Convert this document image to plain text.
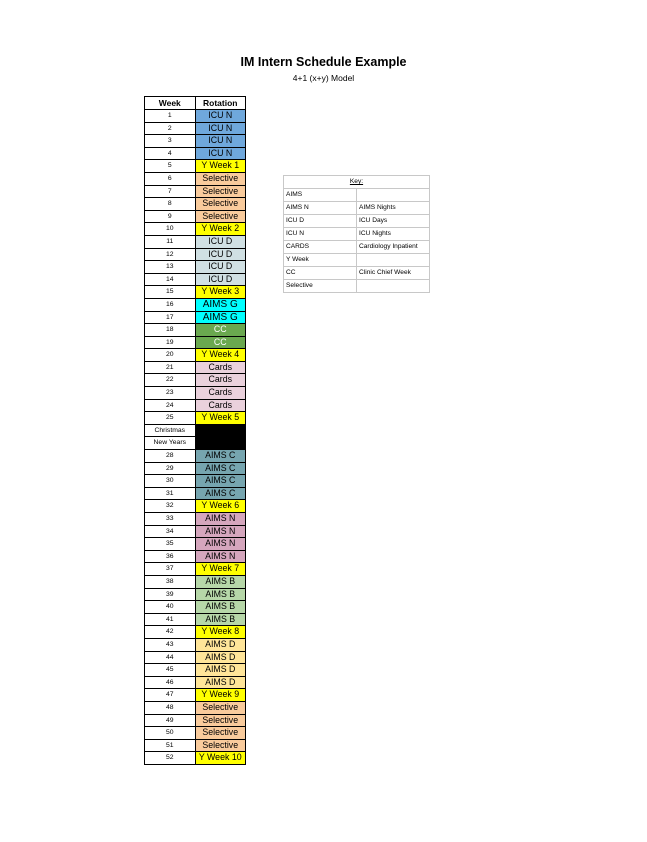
IM Intern Schedule Example
4+1 (x+y) Model
Week	Rotation
1	ICU N
2	ICU N
3	ICU N
4	ICU N
5	Y Week 1
6	Selective
7	Selective
8	Selective
9	Selective
10	Y Week 2
11	ICU D
12	ICU D
13	ICU D
14	ICU D
15	Y Week 3
16	AIMS G
17	AIMS G
18	CC
19	CC
20	Y Week 4
21	Cards
22	Cards
23	Cards
24	Cards
25	Y Week 5
Christmas	
New Years	
28	AIMS C
29	AIMS C
30	AIMS C
31	AIMS C
32	Y Week 6
33	AIMS N
34	AIMS N
35	AIMS N
36	AIMS N
37	Y Week 7
38	AIMS B
39	AIMS B
40	AIMS B
41	AIMS B
42	Y Week 8
43	AIMS D
44	AIMS D
45	AIMS D
46	AIMS D
47	Y Week 9
48	Selective
49	Selective
50	Selective
51	Selective
52	Y Week 10
Key:	
AIMS	
AIMS N	AIMS Nights
ICU D	ICU Days
ICU N	ICU Nights
CARDS	Cardiology Inpatient
Y Week	
CC	Clinic Chief Week
Selective	
